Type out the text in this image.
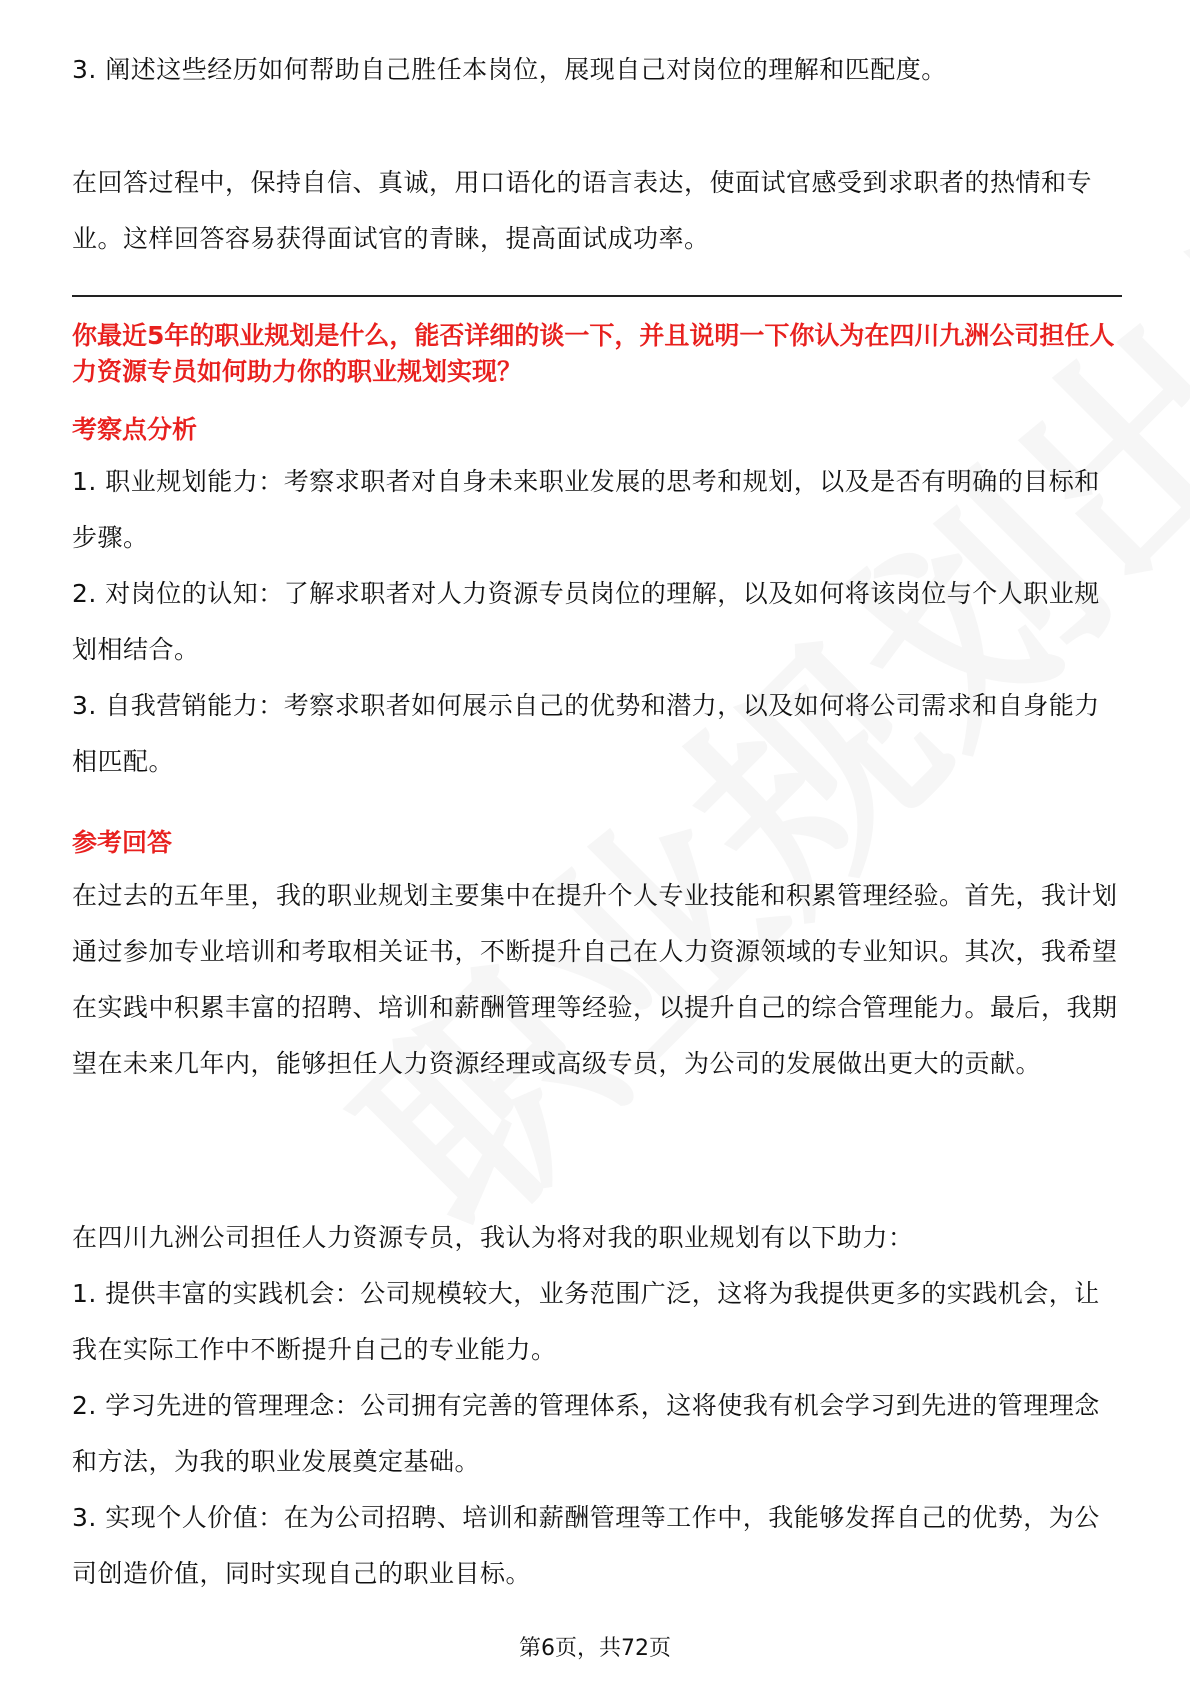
3. 阐述这些经历如何帮助自己胜任本岗位，展现自己对岗位的理解和匹配度。

在回答过程中，保持自信、真诚，用口语化的语言表达，使面试官感受到求职者的热情和专业。这样回答容易获得面试官的青睐，提高面试成功率。

你最近5年的职业规划是什么，能否详细的谈一下，并且说明一下你认为在四川九洲公司担任人力资源专员如何助力你的职业规划实现？

考察点分析

1. 职业规划能力：考察求职者对自身未来职业发展的思考和规划，以及是否有明确的目标和步骤。

2. 对岗位的认知：了解求职者对人力资源专员岗位的理解，以及如何将该岗位与个人职业规划相结合。

3. 自我营销能力：考察求职者如何展示自己的优势和潜力，以及如何将公司需求和自身能力相匹配。

参考回答

在过去的五年里，我的职业规划主要集中在提升个人专业技能和积累管理经验。首先，我计划通过参加专业培训和考取相关证书，不断提升自己在人力资源领域的专业知识。其次，我希望在实践中积累丰富的招聘、培训和薪酬管理等经验，以提升自己的综合管理能力。最后，我期望在未来几年内，能够担任人力资源经理或高级专员，为公司的发展做出更大的贡献。

在四川九洲公司担任人力资源专员，我认为将对我的职业规划有以下助力：

1. 提供丰富的实践机会：公司规模较大，业务范围广泛，这将为我提供更多的实践机会，让我在实际工作中不断提升自己的专业能力。

2. 学习先进的管理理念：公司拥有完善的管理体系，这将使我有机会学习到先进的管理理念和方法，为我的职业发展奠定基础。

3. 实现个人价值：在为公司招聘、培训和薪酬管理等工作中，我能够发挥自己的优势，为公司创造价值，同时实现自己的职业目标。

第6页，共72页
